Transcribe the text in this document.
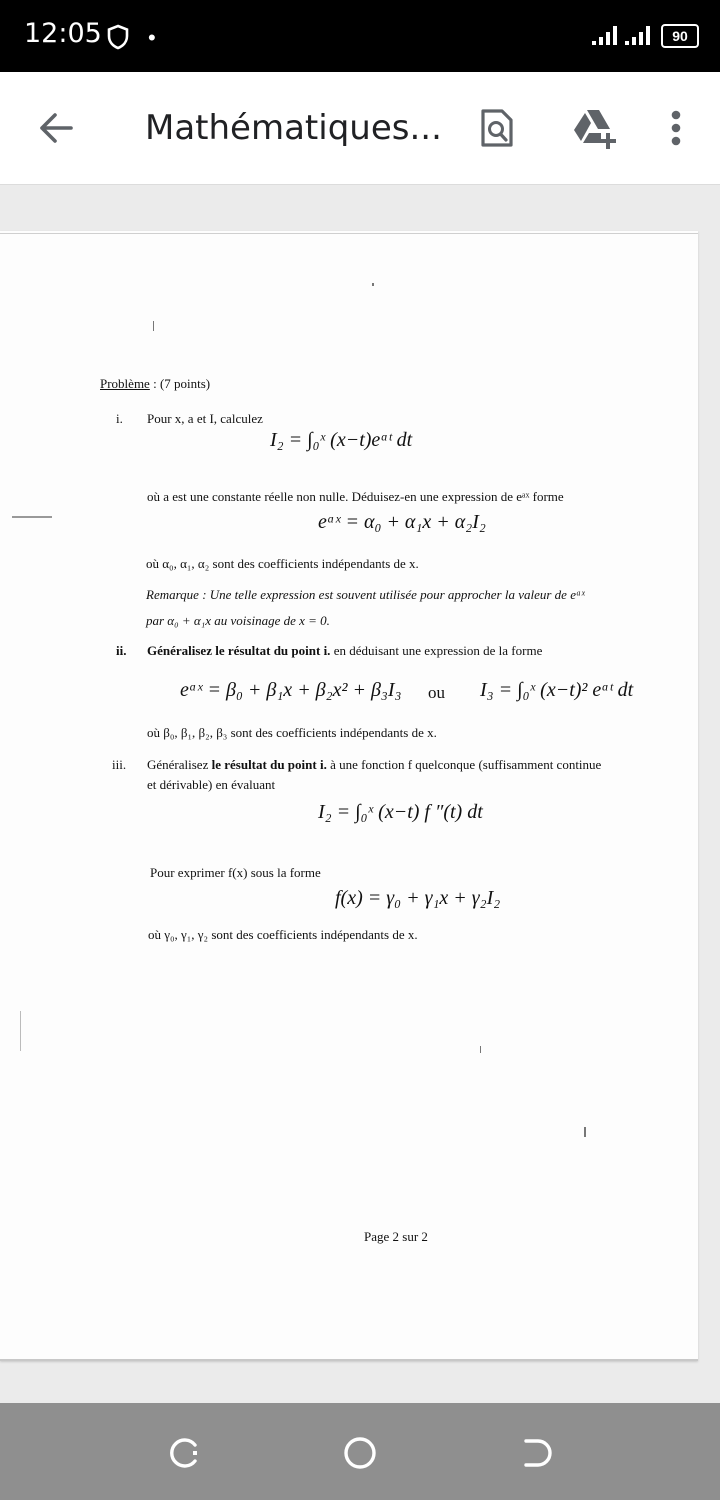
12:05 •	90
Mathématiques...
Problème : (7 points)
i. Pour x, a et I, calculez
I₂ = ∫₀ˣ (x−t)eᵅᵗ dt
où a est une constante réelle non nulle. Déduisez-en une expression de eᵃˣ forme
eᵅˣ = α₀ + α₁x + α₂I₂
où α₀, α₁, α₂ sont des coefficients indépendants de x.
Remarque : Une telle expression est souvent utilisée pour approcher la valeur de eᵃˣ
par α₀ + α₁x au voisinage de x = 0.
ii. Généralisez le résultat du point i. en déduisant une expression de la forme
eᵅˣ = β₀ + β₁x + β₂x² + β₃I₃ ou I₃ = ∫₀ˣ (x−t)² eᵅᵗ dt
où β₀, β₁, β₂, β₃ sont des coefficients indépendants de x.
iii. Généralisez le résultat du point i. à une fonction f quelconque (suffisamment continue
et dérivable) en évaluant
I₂ = ∫₀ˣ (x−t) f ″(t) dt
Pour exprimer f(x) sous la forme
f(x) = γ₀ + γ₁x + γ₂I₂
où γ₀, γ₁, γ₂ sont des coefficients indépendants de x.
Page 2 sur 2
